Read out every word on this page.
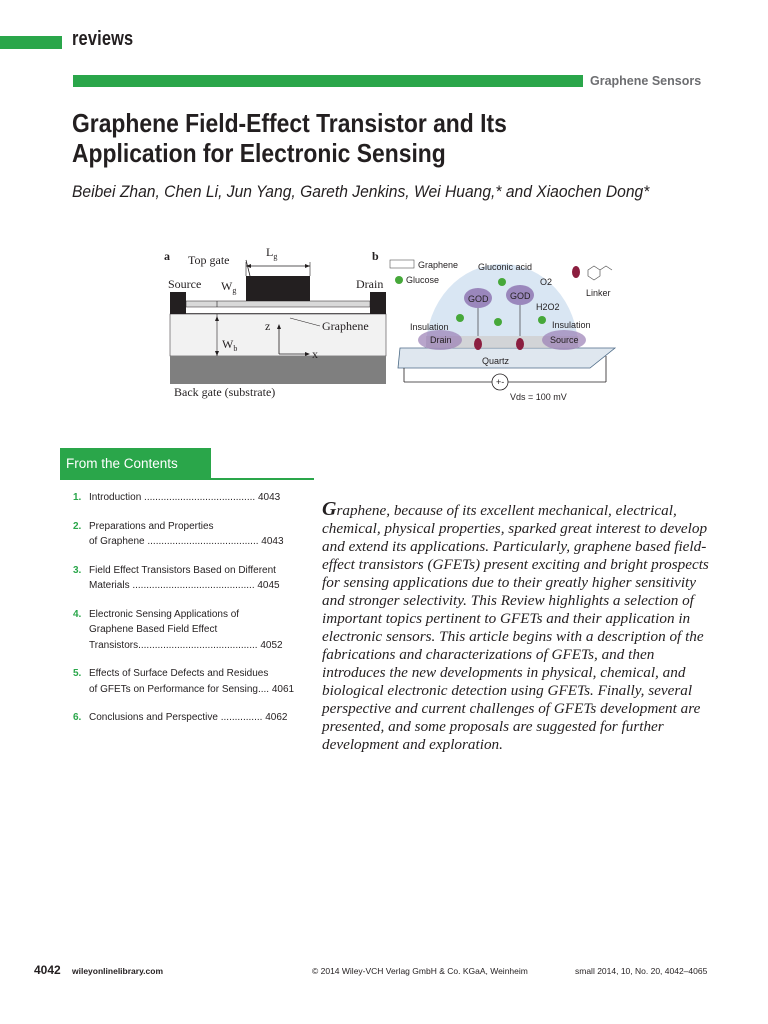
reviews
Graphene Sensors
Graphene Field-Effect Transistor and Its Application for Electronic Sensing
Beibei Zhan, Chen Li, Jun Yang, Gareth Jenkins, Wei Huang,* and Xiaochen Dong*
a Top gate
$L_g$
Source $W_g$	Drain
$W_b$
z
x
Graphene
Back gate (substrate)
b
Drain	Source
Insulation	Insulation
Quartz
Graphene
Glucose
Gluconic acid
O2
GOD GOD
H2O2
Linker
+-
Vds = 100 mV
From the Contents
1. Introduction ........................................ 4043
2. Preparations and Properties
of Graphene ........................................ 4043
3. Field Effect Transistors Based on Different
Materials ............................................ 4045
4. Electronic Sensing Applications of
Graphene Based Field Effect
Transistors........................................... 4052
5. Effects of Surface Defects and Residues
of GFETs on Performance for Sensing.... 4061
6. Conclusions and Perspective ............... 4062

Graphene, because of its excellent mechanical, electrical, chemical, physical properties, sparked great interest to develop and extend its applications. Particularly, graphene based field-effect transistors (GFETs) present exciting and bright prospects for sensing applications due to their greatly higher sensitivity and stronger selectivity. This Review highlights a selection of important topics pertinent to GFETs and their application in electronic sensors. This article begins with a description of the fabrications and characterizations of GFETs, and then introduces the new developments in physical, chemical, and biological electronic detection using GFETs. Finally, several perspective and current challenges of GFETs development are presented, and some proposals are suggested for further development and exploration.

4042 wileyonlinelibrary.com	© 2014 Wiley-VCH Verlag GmbH & Co. KGaA, Weinheim	small 2014, 10, No. 20, 4042–4065
